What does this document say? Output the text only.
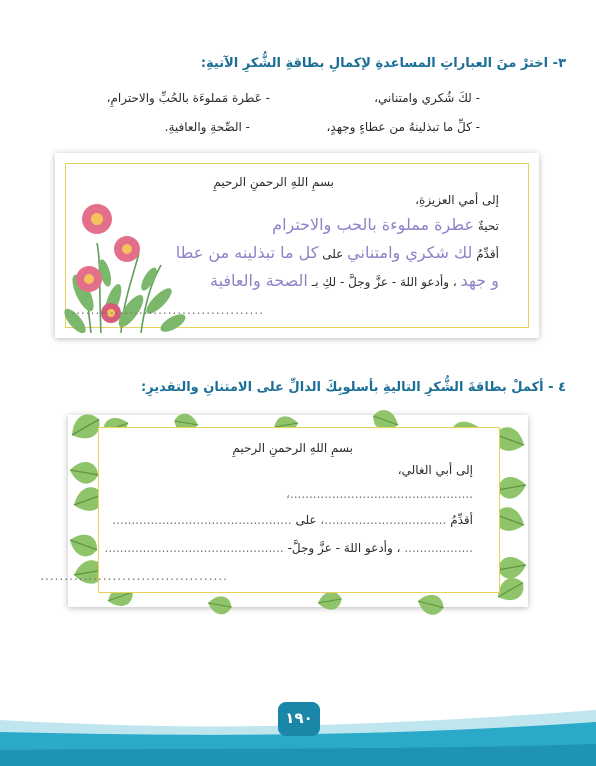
٣- اخترْ منَ العباراتِ المساعدةِ لإكمالِ بطاقةِ الشُّكرِ الآتيةِ:
- لكَ شُكري وامتناني،
- عَطرة مَملوءَة بالحُبِّ والاحترامِ،
- كلِّ ما تبذلينهُ من عطاءٍ وجهدٍ،
- الصِّحةِ والعافيةِ.
بسمِ اللهِ الرحمنِ الرحيمِ
إلى أمي العزيزةِ،
تحيةٌ عطرة مملوءة بالحب والاحترام
أقدِّمُ لك شكري وامتناني على كل ما تبذلينه من عطا
و جهد ، وأدعو اللهَ - عزَّ وجلَّ - لكِ بـ الصحة والعافية
........................................
٤ - أكملْ بطاقةَ الشُّكرِ التاليةِ بأسلوبِكَ الدالِّ على الامتنانِ والتقديرِ:
بسمِ اللهِ الرحمنِ الرحيمِ
إلى أبي الغالي،
................................................،
أقدِّمُ ................................، على ...............................................
.................. ، وأدعو اللهَ - عزَّ وجلَّ- ...............................................
.......................................
١٩٠
